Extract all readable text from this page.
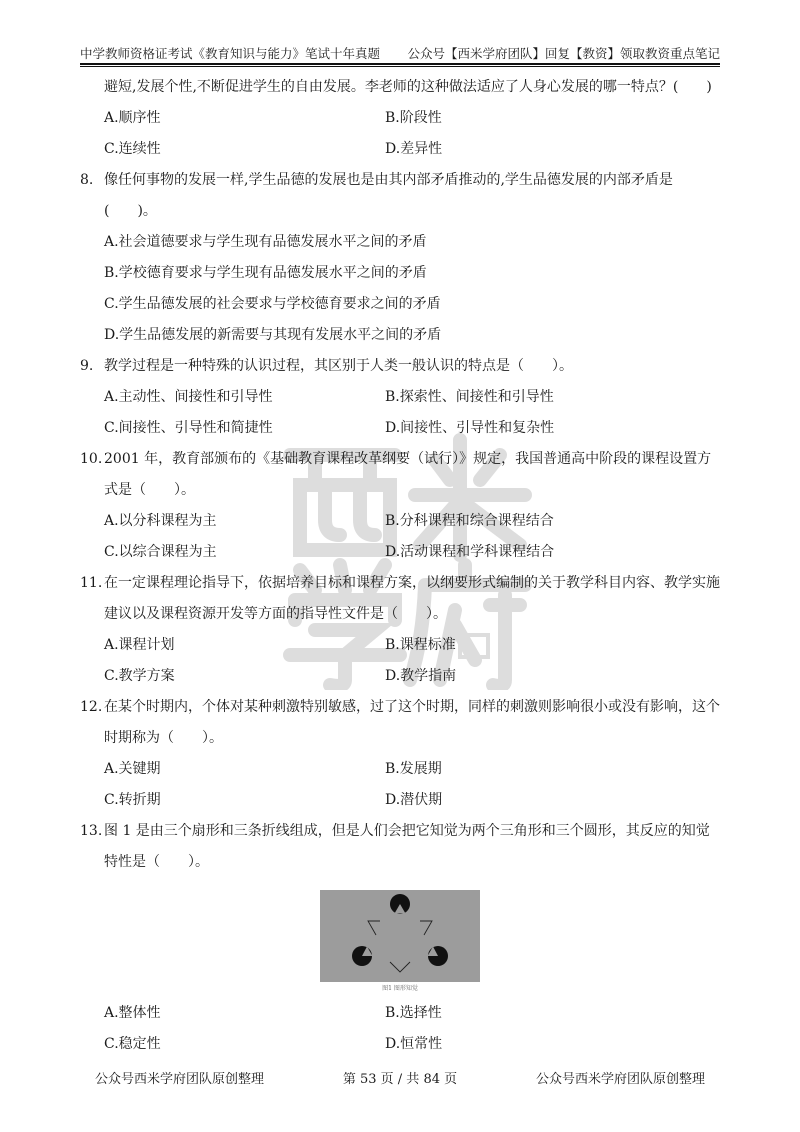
中学教师资格证考试《教育知识与能力》笔试十年真题 公众号【西米学府团队】回复【教资】领取教资重点笔记
避短,发展个性,不断促进学生的自由发展。李老师的这种做法适应了人身心发展的哪一特点？(　　)
A.顺序性	B.阶段性
C.连续性	D.差异性
8. 像任何事物的发展一样,学生品德的发展也是由其内部矛盾推动的,学生品德发展的内部矛盾是(　　)。
A.社会道德要求与学生现有品德发展水平之间的矛盾
B.学校德育要求与学生现有品德发展水平之间的矛盾
C.学生品德发展的社会要求与学校德育要求之间的矛盾
D.学生品德发展的新需要与其现有发展水平之间的矛盾
9. 教学过程是一种特殊的认识过程，其区别于人类一般认识的特点是（　　）。
A.主动性、间接性和引导性	B.探索性、间接性和引导性
C.间接性、引导性和简捷性	D.间接性、引导性和复杂性
10. 2001 年，教育部颁布的《基础教育课程改革纲要（试行）》规定，我国普通高中阶段的课程设置方式是（　　）。
A.以分科课程为主	B.分科课程和综合课程结合
C.以综合课程为主	D.活动课程和学科课程结合
11. 在一定课程理论指导下，依据培养目标和课程方案，以纲要形式编制的关于教学科目内容、教学实施建议以及课程资源开发等方面的指导性文件是（　　）。
A.课程计划	B.课程标准
C.教学方案	D.教学指南
12. 在某个时期内，个体对某种刺激特别敏感，过了这个时期，同样的刺激则影响很小或没有影响，这个时期称为（　　）。
A.关键期	B.发展期
C.转折期	D.潜伏期
13. 图 1 是由三个扇形和三条折线组成，但是人们会把它知觉为两个三角形和三个圆形，其反应的知觉特性是（　　）。
图1 图形知觉
A.整体性	B.选择性
C.稳定性	D.恒常性
公众号西米学府团队原创整理	第 53 页 / 共 84 页	公众号西米学府团队原创整理
